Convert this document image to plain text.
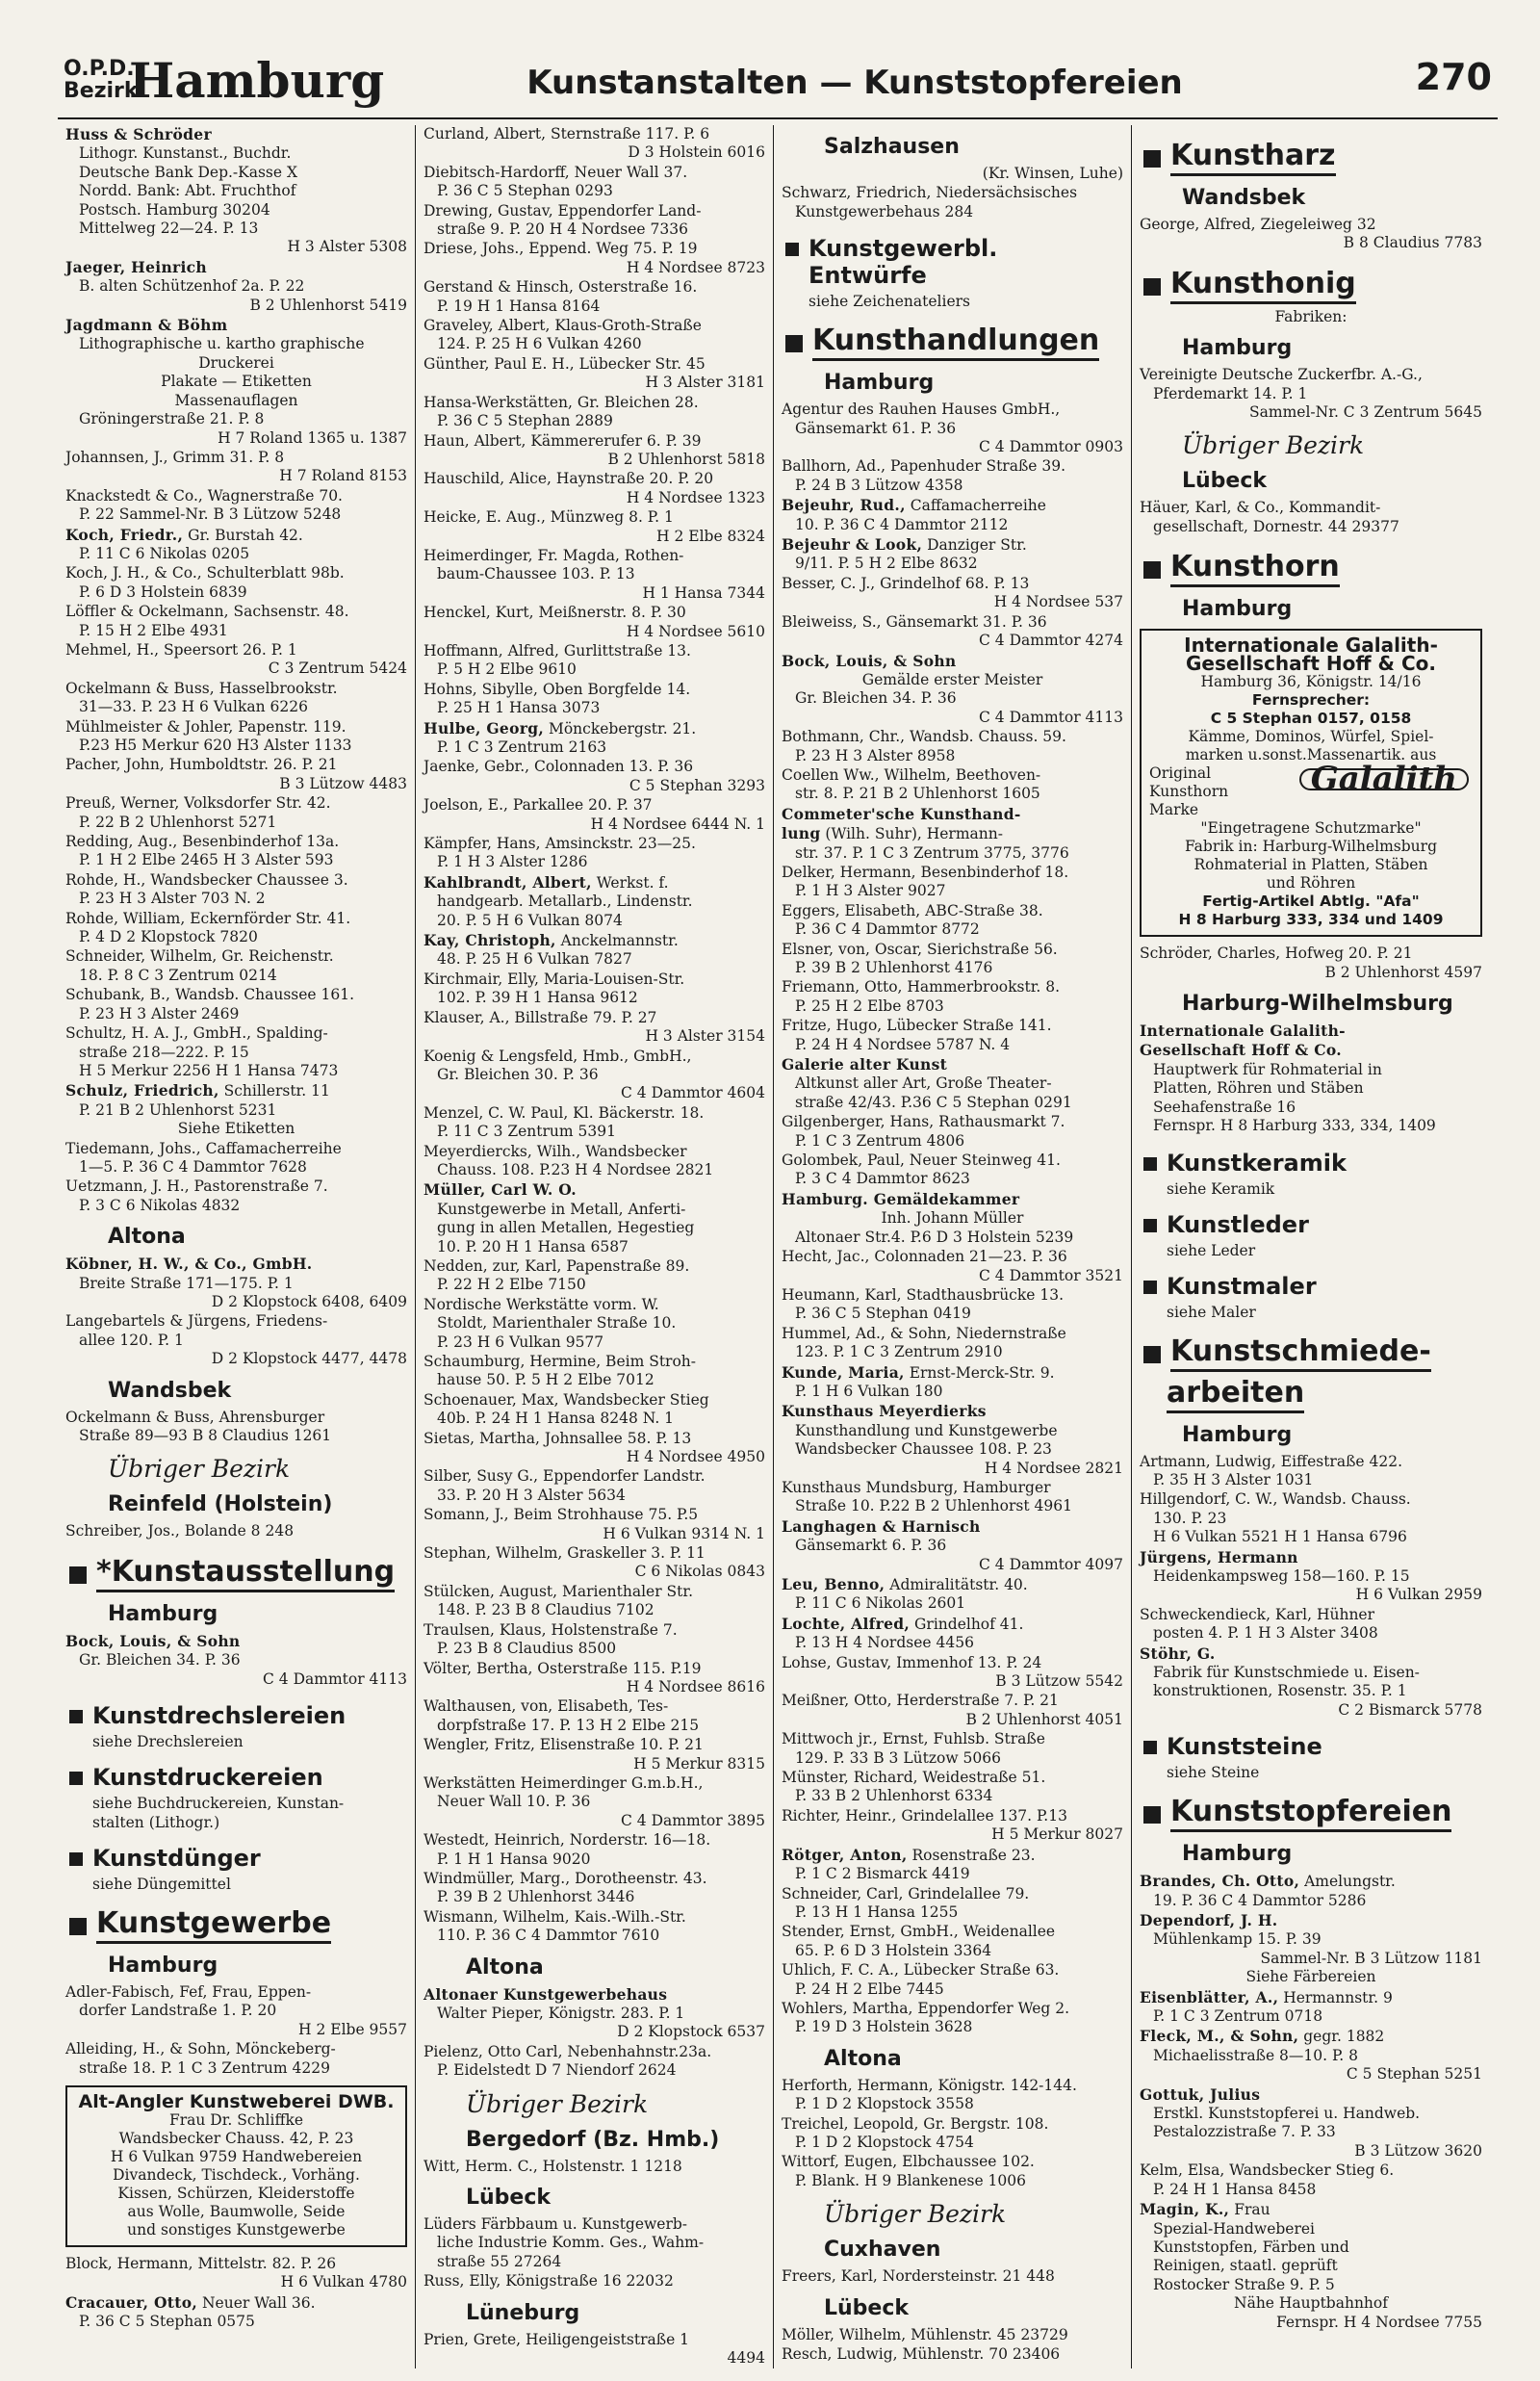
O.P.D.
Bezirk
Hamburg	Kunstanstalten — Kunststopfereien	270
Huss & Schröder
Lithogr. Kunstanst., Buchdr.
Deutsche Bank Dep.-Kasse X
Nordd. Bank: Abt. Fruchthof
Postsch. Hamburg 30204
Mittelweg 22—24. P. 13
H 3 Alster 5308
Jaeger, Heinrich
B. alten Schützenhof 2a. P. 22
B 2 Uhlenhorst 5419
Jagdmann & Böhm
Lithographische u. kartho graphische
Druckerei
Plakate — Etiketten
Massenauflagen
Gröningerstraße 21. P. 8
H 7 Roland 1365 u. 1387
Johannsen, J., Grimm 31. P. 8
H 7 Roland 8153
Knackstedt & Co., Wagnerstraße 70.
P. 22 Sammel-Nr. B 3 Lützow 5248
Koch, Friedr., Gr. Burstah 42.
P. 11 C 6 Nikolas 0205
Koch, J. H., & Co., Schulterblatt 98b.
P. 6 D 3 Holstein 6839
Löffler & Ockelmann, Sachsenstr. 48.
P. 15 H 2 Elbe 4931
Mehmel, H., Speersort 26. P. 1
C 3 Zentrum 5424
Ockelmann & Buss, Hasselbrookstr.
31—33. P. 23 H 6 Vulkan 6226
Mühlmeister & Johler, Papenstr. 119.
P.23 H5 Merkur 620 H3 Alster 1133
Pacher, John, Humboldtstr. 26. P. 21
B 3 Lützow 4483
Preuß, Werner, Volksdorfer Str. 42.
P. 22 B 2 Uhlenhorst 5271
Redding, Aug., Besenbinderhof 13a.
P. 1 H 2 Elbe 2465 H 3 Alster 593
Rohde, H., Wandsbecker Chaussee 3.
P. 23 H 3 Alster 703 N. 2
Rohde, William, Eckernförder Str. 41.
P. 4 D 2 Klopstock 7820
Schneider, Wilhelm, Gr. Reichenstr.
18. P. 8 C 3 Zentrum 0214
Schubank, B., Wandsb. Chaussee 161.
P. 23 H 3 Alster 2469
Schultz, H. A. J., GmbH., Spalding-
straße 218—222. P. 15
H 5 Merkur 2256 H 1 Hansa 7473
Schulz, Friedrich, Schillerstr. 11
P. 21 B 2 Uhlenhorst 5231
Siehe Etiketten
Tiedemann, Johs., Caffamacherreihe
1—5. P. 36 C 4 Dammtor 7628
Uetzmann, J. H., Pastorenstraße 7.
P. 3 C 6 Nikolas 4832
Altona
Köbner, H. W., & Co., GmbH.
Breite Straße 171—175. P. 1
D 2 Klopstock 6408, 6409
Langebartels & Jürgens, Friedens-
allee 120. P. 1
D 2 Klopstock 4477, 4478
Wandsbek
Ockelmann & Buss, Ahrensburger
Straße 89—93 B 8 Claudius 1261
Übriger Bezirk
Reinfeld (Holstein)
Schreiber, Jos., Bolande 8 248
*Kunstausstellung
Hamburg
Bock, Louis, & Sohn
Gr. Bleichen 34. P. 36
C 4 Dammtor 4113
Kunstdrechslereien
siehe Drechslereien
Kunstdruckereien
siehe Buchdruckereien, Kunstan-
stalten (Lithogr.)
Kunstdünger
siehe Düngemittel
Kunstgewerbe
Hamburg
Adler-Fabisch, Fef, Frau, Eppen-
dorfer Landstraße 1. P. 20
H 2 Elbe 9557
Alleiding, H., & Sohn, Mönckeberg-
straße 18. P. 1 C 3 Zentrum 4229
Alt-Angler Kunstweberei DWB.
Frau Dr. Schliffke
Wandsbecker Chauss. 42, P. 23
H 6 Vulkan 9759 Handwebereien
Divandeck, Tischdeck., Vorhäng.
Kissen, Schürzen, Kleiderstoffe
aus Wolle, Baumwolle, Seide
und sonstiges Kunstgewerbe
Block, Hermann, Mittelstr. 82. P. 26
H 6 Vulkan 4780
Cracauer, Otto, Neuer Wall 36.
P. 36 C 5 Stephan 0575
Curland, Albert, Sternstraße 117. P. 6
D 3 Holstein 6016
Diebitsch-Hardorff, Neuer Wall 37.
P. 36 C 5 Stephan 0293
Drewing, Gustav, Eppendorfer Land-
straße 9. P. 20 H 4 Nordsee 7336
Driese, Johs., Eppend. Weg 75. P. 19
H 4 Nordsee 8723
Gerstand & Hinsch, Osterstraße 16.
P. 19 H 1 Hansa 8164
Graveley, Albert, Klaus-Groth-Straße
124. P. 25 H 6 Vulkan 4260
Günther, Paul E. H., Lübecker Str. 45
H 3 Alster 3181
Hansa-Werkstätten, Gr. Bleichen 28.
P. 36 C 5 Stephan 2889
Haun, Albert, Kämmererufer 6. P. 39
B 2 Uhlenhorst 5818
Hauschild, Alice, Haynstraße 20. P. 20
H 4 Nordsee 1323
Heicke, E. Aug., Münzweg 8. P. 1
H 2 Elbe 8324
Heimerdinger, Fr. Magda, Rothen-
baum-Chaussee 103. P. 13
H 1 Hansa 7344
Henckel, Kurt, Meißnerstr. 8. P. 30
H 4 Nordsee 5610
Hoffmann, Alfred, Gurlittstraße 13.
P. 5 H 2 Elbe 9610
Hohns, Sibylle, Oben Borgfelde 14.
P. 25 H 1 Hansa 3073
Hulbe, Georg, Mönckebergstr. 21.
P. 1 C 3 Zentrum 2163
Jaenke, Gebr., Colonnaden 13. P. 36
C 5 Stephan 3293
Joelson, E., Parkallee 20. P. 37
H 4 Nordsee 6444 N. 1
Kämpfer, Hans, Amsinckstr. 23—25.
P. 1 H 3 Alster 1286
Kahlbrandt, Albert, Werkst. f.
handgearb. Metallarb., Lindenstr.
20. P. 5 H 6 Vulkan 8074
Kay, Christoph, Anckelmannstr.
48. P. 25 H 6 Vulkan 7827
Kirchmair, Elly, Maria-Louisen-Str.
102. P. 39 H 1 Hansa 9612
Klauser, A., Billstraße 79. P. 27
H 3 Alster 3154
Koenig & Lengsfeld, Hmb., GmbH.,
Gr. Bleichen 30. P. 36
C 4 Dammtor 4604
Menzel, C. W. Paul, Kl. Bäckerstr. 18.
P. 11 C 3 Zentrum 5391
Meyerdiercks, Wilh., Wandsbecker
Chauss. 108. P.23 H 4 Nordsee 2821
Müller, Carl W. O.
Kunstgewerbe in Metall, Anferti-
gung in allen Metallen, Hegestieg
10. P. 20 H 1 Hansa 6587
Nedden, zur, Karl, Papenstraße 89.
P. 22 H 2 Elbe 7150
Nordische Werkstätte vorm. W.
Stoldt, Marienthaler Straße 10.
P. 23 H 6 Vulkan 9577
Schaumburg, Hermine, Beim Stroh-
hause 50. P. 5 H 2 Elbe 7012
Schoenauer, Max, Wandsbecker Stieg
40b. P. 24 H 1 Hansa 8248 N. 1
Sietas, Martha, Johnsallee 58. P. 13
H 4 Nordsee 4950
Silber, Susy G., Eppendorfer Landstr.
33. P. 20 H 3 Alster 5634
Somann, J., Beim Strohhause 75. P.5
H 6 Vulkan 9314 N. 1
Stephan, Wilhelm, Graskeller 3. P. 11
C 6 Nikolas 0843
Stülcken, August, Marienthaler Str.
148. P. 23 B 8 Claudius 7102
Traulsen, Klaus, Holstenstraße 7.
P. 23 B 8 Claudius 8500
Völter, Bertha, Osterstraße 115. P.19
H 4 Nordsee 8616
Walthausen, von, Elisabeth, Tes-
dorpfstraße 17. P. 13 H 2 Elbe 215
Wengler, Fritz, Elisenstraße 10. P. 21
H 5 Merkur 8315
Werkstätten Heimerdinger G.m.b.H.,
Neuer Wall 10. P. 36
C 4 Dammtor 3895
Westedt, Heinrich, Norderstr. 16—18.
P. 1 H 1 Hansa 9020
Windmüller, Marg., Dorotheenstr. 43.
P. 39 B 2 Uhlenhorst 3446
Wismann, Wilhelm, Kais.-Wilh.-Str.
110. P. 36 C 4 Dammtor 7610
Altona
Altonaer Kunstgewerbehaus
Walter Pieper, Königstr. 283. P. 1
D 2 Klopstock 6537
Pielenz, Otto Carl, Nebenhahnstr.23a.
P. Eidelstedt D 7 Niendorf 2624
Übriger Bezirk
Bergedorf (Bz. Hmb.)
Witt, Herm. C., Holstenstr. 1 1218
Lübeck
Lüders Färbbaum u. Kunstgewerb-
liche Industrie Komm. Ges., Wahm-
straße 55 27264
Russ, Elly, Königstraße 16 22032
Lüneburg
Prien, Grete, Heiligengeiststraße 1
4494
Salzhausen
(Kr. Winsen, Luhe)
Schwarz, Friedrich, Niedersächsisches
Kunstgewerbehaus 284
Kunstgewerbl. Entwürfe
siehe Zeichenateliers
Kunsthandlungen
Hamburg
Agentur des Rauhen Hauses GmbH.,
Gänsemarkt 61. P. 36
C 4 Dammtor 0903
Ballhorn, Ad., Papenhuder Straße 39.
P. 24 B 3 Lützow 4358
Bejeuhr, Rud., Caffamacherreihe
10. P. 36 C 4 Dammtor 2112
Bejeuhr & Look, Danziger Str.
9/11. P. 5 H 2 Elbe 8632
Besser, C. J., Grindelhof 68. P. 13
H 4 Nordsee 537
Bleiweiss, S., Gänsemarkt 31. P. 36
C 4 Dammtor 4274
Bock, Louis, & Sohn
Gemälde erster Meister
Gr. Bleichen 34. P. 36
C 4 Dammtor 4113
Bothmann, Chr., Wandsb. Chauss. 59.
P. 23 H 3 Alster 8958
Coellen Ww., Wilhelm, Beethoven-
str. 8. P. 21 B 2 Uhlenhorst 1605
Commeter'sche Kunsthand-
lung (Wilh. Suhr), Hermann-
str. 37. P. 1 C 3 Zentrum 3775, 3776
Delker, Hermann, Besenbinderhof 18.
P. 1 H 3 Alster 9027
Eggers, Elisabeth, ABC-Straße 38.
P. 36 C 4 Dammtor 8772
Elsner, von, Oscar, Sierichstraße 56.
P. 39 B 2 Uhlenhorst 4176
Friemann, Otto, Hammerbrookstr. 8.
P. 25 H 2 Elbe 8703
Fritze, Hugo, Lübecker Straße 141.
P. 24 H 4 Nordsee 5787 N. 4
Galerie alter Kunst
Altkunst aller Art, Große Theater-
straße 42/43. P.36 C 5 Stephan 0291
Gilgenberger, Hans, Rathausmarkt 7.
P. 1 C 3 Zentrum 4806
Golombek, Paul, Neuer Steinweg 41.
P. 3 C 4 Dammtor 8623
Hamburg. Gemäldekammer
Inh. Johann Müller
Altonaer Str.4. P.6 D 3 Holstein 5239
Hecht, Jac., Colonnaden 21—23. P. 36
C 4 Dammtor 3521
Heumann, Karl, Stadthausbrücke 13.
P. 36 C 5 Stephan 0419
Hummel, Ad., & Sohn, Niedernstraße
123. P. 1 C 3 Zentrum 2910
Kunde, Maria, Ernst-Merck-Str. 9.
P. 1 H 6 Vulkan 180
Kunsthaus Meyerdierks
Kunsthandlung und Kunstgewerbe
Wandsbecker Chaussee 108. P. 23
H 4 Nordsee 2821
Kunsthaus Mundsburg, Hamburger
Straße 10. P.22 B 2 Uhlenhorst 4961
Langhagen & Harnisch
Gänsemarkt 6. P. 36
C 4 Dammtor 4097
Leu, Benno, Admiralitätstr. 40.
P. 11 C 6 Nikolas 2601
Lochte, Alfred, Grindelhof 41.
P. 13 H 4 Nordsee 4456
Lohse, Gustav, Immenhof 13. P. 24
B 3 Lützow 5542
Meißner, Otto, Herderstraße 7. P. 21
B 2 Uhlenhorst 4051
Mittwoch jr., Ernst, Fuhlsb. Straße
129. P. 33 B 3 Lützow 5066
Münster, Richard, Weidestraße 51.
P. 33 B 2 Uhlenhorst 6334
Richter, Heinr., Grindelallee 137. P.13
H 5 Merkur 8027
Rötger, Anton, Rosenstraße 23.
P. 1 C 2 Bismarck 4419
Schneider, Carl, Grindelallee 79.
P. 13 H 1 Hansa 1255
Stender, Ernst, GmbH., Weidenallee
65. P. 6 D 3 Holstein 3364
Uhlich, F. C. A., Lübecker Straße 63.
P. 24 H 2 Elbe 7445
Wohlers, Martha, Eppendorfer Weg 2.
P. 19 D 3 Holstein 3628
Altona
Herforth, Hermann, Königstr. 142-144.
P. 1 D 2 Klopstock 3558
Treichel, Leopold, Gr. Bergstr. 108.
P. 1 D 2 Klopstock 4754
Wittorf, Eugen, Elbchaussee 102.
P. Blank. H 9 Blankenese 1006
Übriger Bezirk
Cuxhaven
Freers, Karl, Nordersteinstr. 21 448
Lübeck
Möller, Wilhelm, Mühlenstr. 45 23729
Resch, Ludwig, Mühlenstr. 70 23406
Kunstharz
Wandsbek
George, Alfred, Ziegeleiweg 32
B 8 Claudius 7783
Kunsthonig
Fabriken:
Hamburg
Vereinigte Deutsche Zuckerfbr. A.-G.,
Pferdemarkt 14. P. 1
Sammel-Nr. C 3 Zentrum 5645
Übriger Bezirk
Lübeck
Häuer, Karl, & Co., Kommandit-
gesellschaft, Dornestr. 44 29377
Kunsthorn
Hamburg
Internationale Galalith-
Gesellschaft Hoff & Co.
Hamburg 36, Königstr. 14/16
Fernsprecher:
C 5 Stephan 0157, 0158
Kämme, Dominos, Würfel, Spiel-
marken u.sonst.Massenartik. aus
Galalith
Original
Kunsthorn
Marke
"Eingetragene Schutzmarke"
Fabrik in: Harburg-Wilhelmsburg
Rohmaterial in Platten, Stäben
und Röhren
Fertig-Artikel Abtlg. "Afa"
H 8 Harburg 333, 334 und 1409
Schröder, Charles, Hofweg 20. P. 21
B 2 Uhlenhorst 4597
Harburg-Wilhelmsburg
Internationale Galalith-
Gesellschaft Hoff & Co.
Hauptwerk für Rohmaterial in
Platten, Röhren und Stäben
Seehafenstraße 16
Fernspr. H 8 Harburg 333, 334, 1409
Kunstkeramik
siehe Keramik
Kunstleder
siehe Leder
Kunstmaler
siehe Maler
Kunstschmiede-
arbeiten
Hamburg
Artmann, Ludwig, Eiffestraße 422.
P. 35 H 3 Alster 1031
Hillgendorf, C. W., Wandsb. Chauss.
130. P. 23
H 6 Vulkan 5521 H 1 Hansa 6796
Jürgens, Hermann
Heidenkampsweg 158—160. P. 15
H 6 Vulkan 2959
Schweckendieck, Karl, Hühner
posten 4. P. 1 H 3 Alster 3408
Stöhr, G.
Fabrik für Kunstschmiede u. Eisen-
konstruktionen, Rosenstr. 35. P. 1
C 2 Bismarck 5778
Kunststeine
siehe Steine
Kunststopfereien
Hamburg
Brandes, Ch. Otto, Amelungstr.
19. P. 36 C 4 Dammtor 5286
Dependorf, J. H.
Mühlenkamp 15. P. 39
Sammel-Nr. B 3 Lützow 1181
Siehe Färbereien
Eisenblätter, A., Hermannstr. 9
P. 1 C 3 Zentrum 0718
Fleck, M., & Sohn, gegr. 1882
Michaelisstraße 8—10. P. 8
C 5 Stephan 5251
Gottuk, Julius
Erstkl. Kunststopferei u. Handweb.
Pestalozzistraße 7. P. 33
B 3 Lützow 3620
Kelm, Elsa, Wandsbecker Stieg 6.
P. 24 H 1 Hansa 8458
Magin, K., Frau
Spezial-Handweberei
Kunststopfen, Färben und
Reinigen, staatl. geprüft
Rostocker Straße 9. P. 5
Nähe Hauptbahnhof
Fernspr. H 4 Nordsee 7755
